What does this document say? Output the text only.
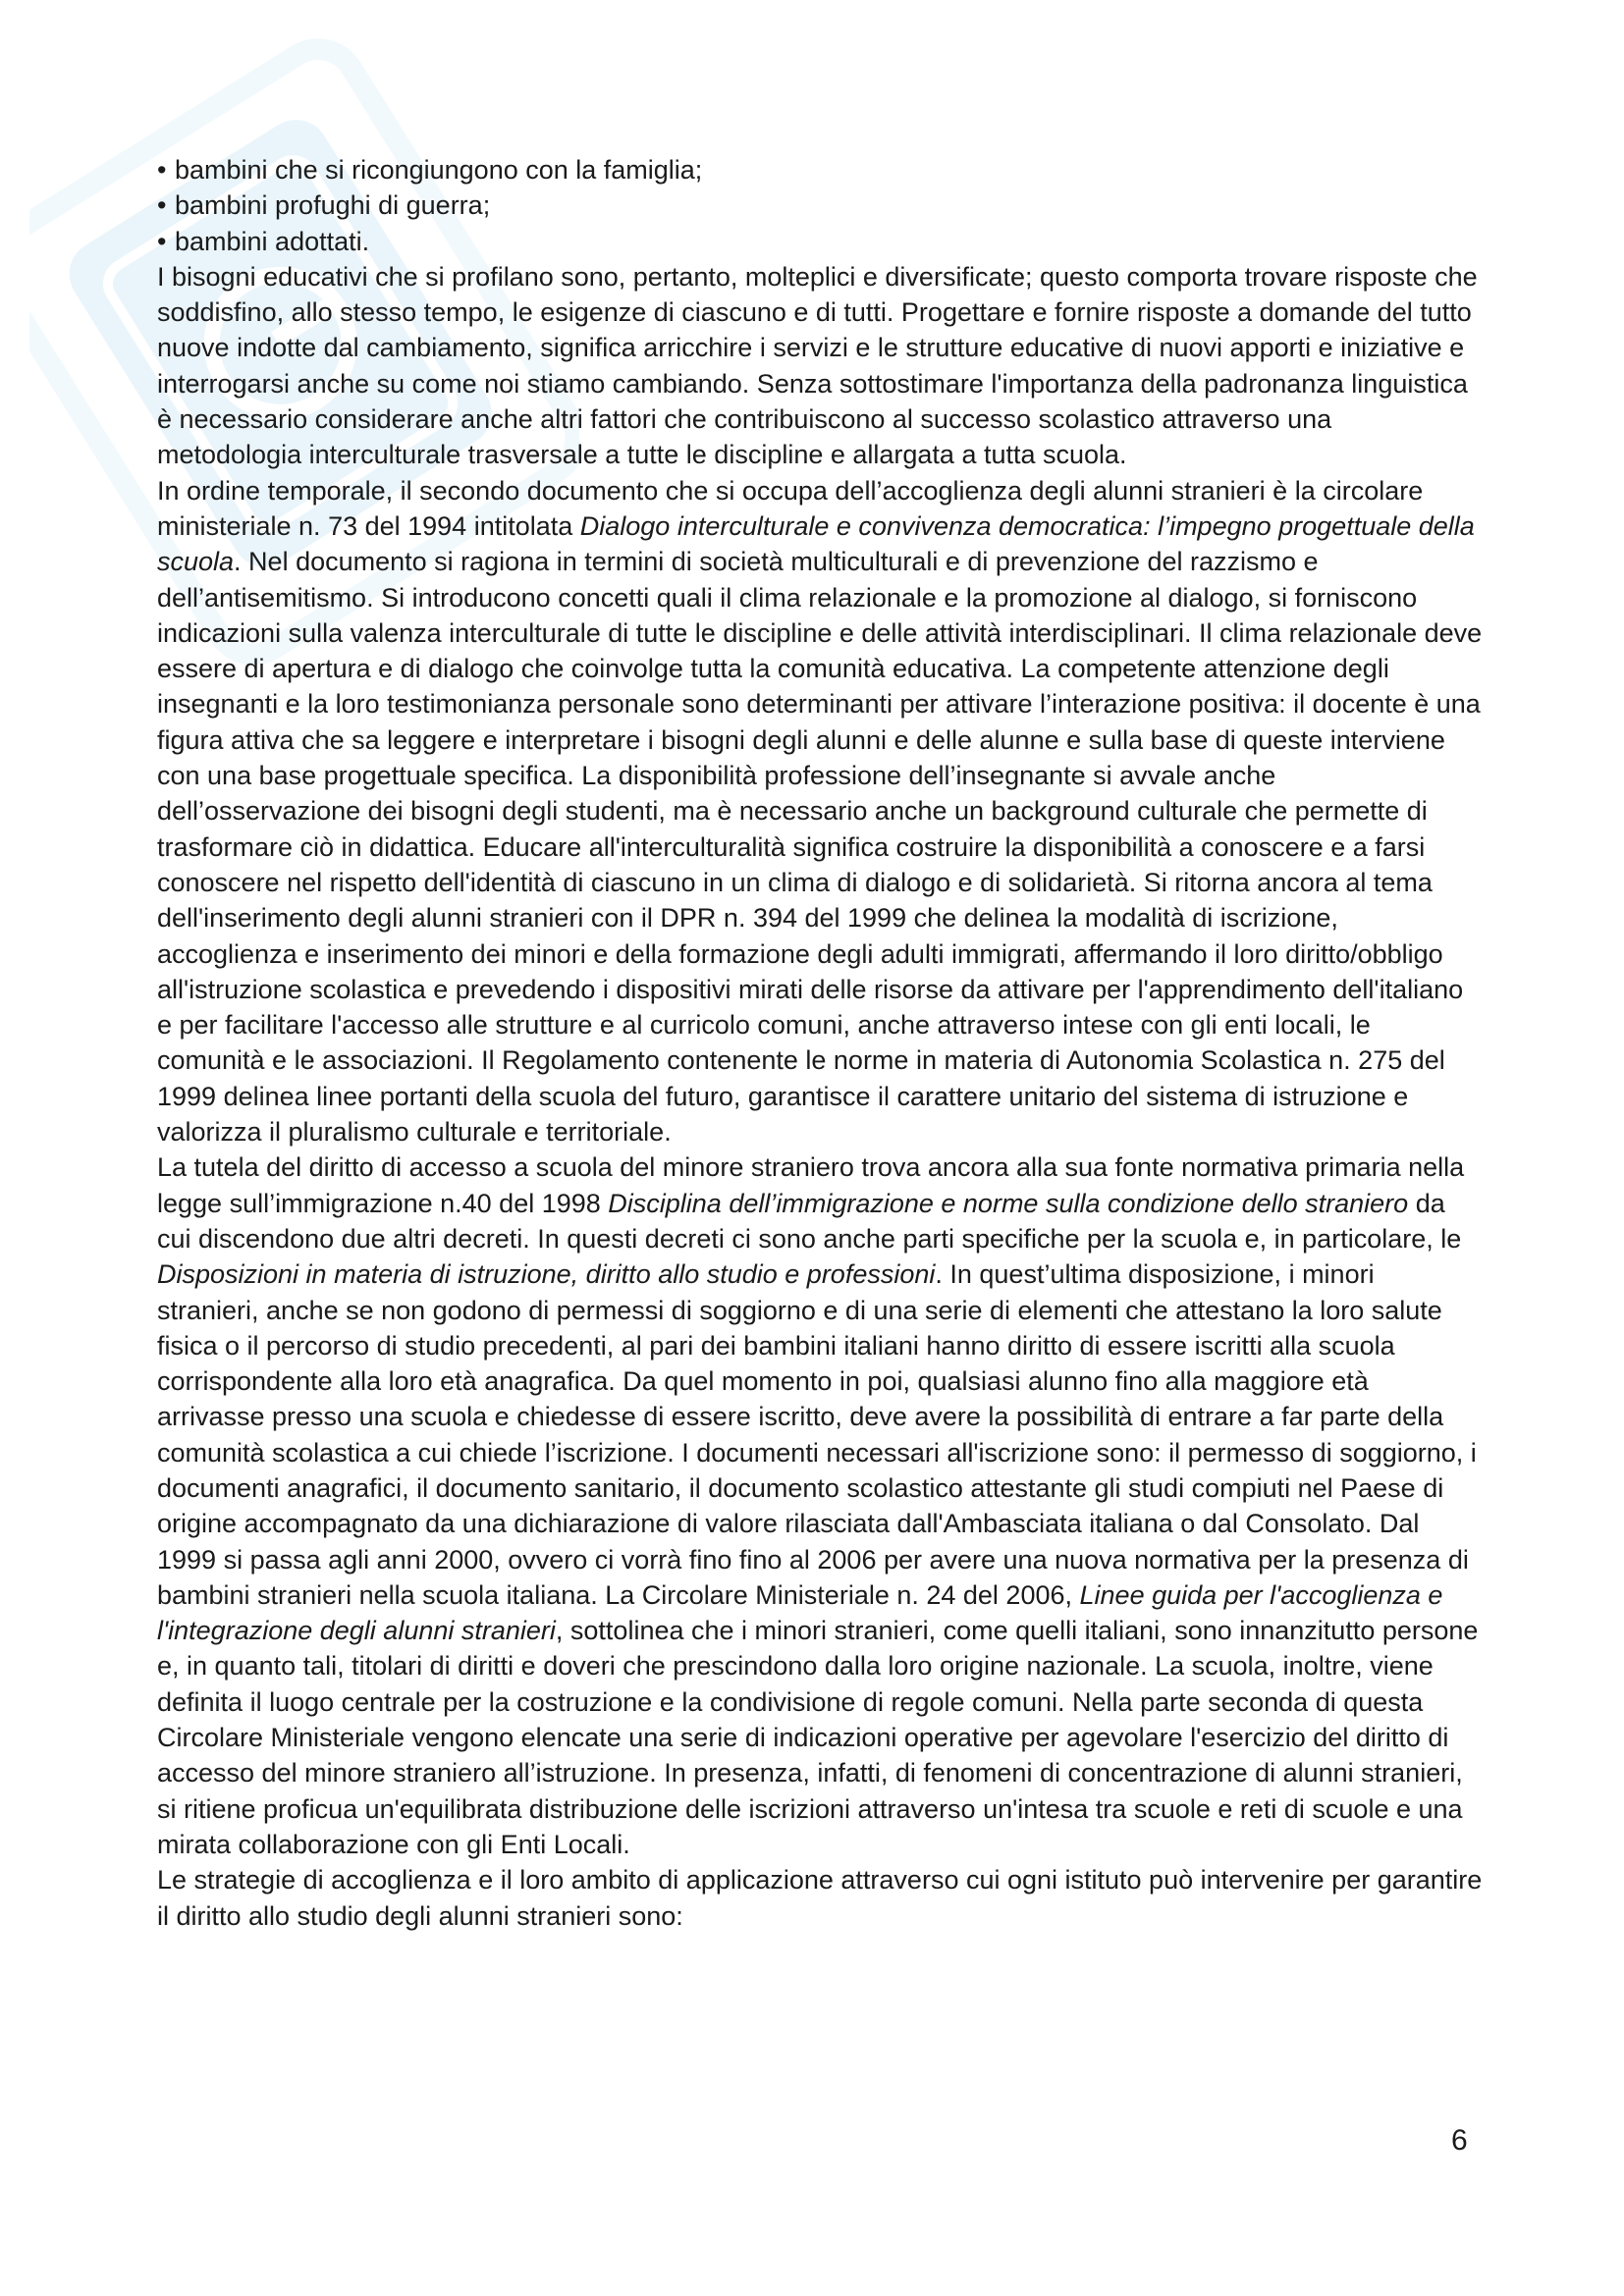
• bambini che si ricongiungono con la famiglia;

• bambini profughi di guerra;

• bambini adottati.

I bisogni educativi che si profilano sono, pertanto, molteplici e diversificate; questo comporta trovare risposte che soddisfino, allo stesso tempo, le esigenze di ciascuno e di tutti. Progettare e fornire risposte a domande del tutto nuove indotte dal cambiamento, significa arricchire i servizi e le strutture educative di nuovi apporti e iniziative e interrogarsi anche su come noi stiamo cambiando. Senza sottostimare l'importanza della padronanza linguistica è necessario considerare anche altri fattori che contribuiscono al successo scolastico attraverso una metodologia interculturale trasversale a tutte le discipline e allargata a tutta scuola.

In ordine temporale, il secondo documento che si occupa dell’accoglienza degli alunni stranieri è la circolare ministeriale n. 73 del 1994 intitolata Dialogo interculturale e convivenza democratica: l’impegno progettuale della scuola. Nel documento si ragiona in termini di società multiculturali e di prevenzione del razzismo e dell’antisemitismo. Si introducono concetti quali il clima relazionale e la promozione al dialogo, si forniscono indicazioni sulla valenza interculturale di tutte le discipline e delle attività interdisciplinari. Il clima relazionale deve essere di apertura e di dialogo che coinvolge tutta la comunità educativa. La competente attenzione degli insegnanti e la loro testimonianza personale sono determinanti per attivare l’interazione positiva: il docente è una figura attiva che sa leggere e interpretare i bisogni degli alunni e delle alunne e sulla base di queste interviene con una base progettuale specifica. La disponibilità professione dell’insegnante si avvale anche dell’osservazione dei bisogni degli studenti, ma è necessario anche un background culturale che permette di trasformare ciò in didattica. Educare all'interculturalità significa costruire la disponibilità a conoscere e a farsi conoscere nel rispetto dell'identità di ciascuno in un clima di dialogo e di solidarietà. Si ritorna ancora al tema dell'inserimento degli alunni stranieri con il DPR n. 394 del 1999 che delinea la modalità di iscrizione, accoglienza e inserimento dei minori e della formazione degli adulti immigrati, affermando il loro diritto/obbligo all'istruzione scolastica e prevedendo i dispositivi mirati delle risorse da attivare per l'apprendimento dell'italiano e per facilitare l'accesso alle strutture e al curricolo comuni, anche attraverso intese con gli enti locali, le comunità e le associazioni. Il Regolamento contenente le norme in materia di Autonomia Scolastica n. 275 del 1999 delinea linee portanti della scuola del futuro, garantisce il carattere unitario del sistema di istruzione e valorizza il pluralismo culturale e territoriale.

La tutela del diritto di accesso a scuola del minore straniero trova ancora alla sua fonte normativa primaria nella legge sull’immigrazione n.40 del 1998 Disciplina dell’immigrazione e norme sulla condizione dello straniero da cui discendono due altri decreti. In questi decreti ci sono anche parti specifiche per la scuola e, in particolare, le Disposizioni in materia di istruzione, diritto allo studio e professioni. In quest’ultima disposizione, i minori stranieri, anche se non godono di permessi di soggiorno e di una serie di elementi che attestano la loro salute fisica o il percorso di studio precedenti, al pari dei bambini italiani hanno diritto di essere iscritti alla scuola corrispondente alla loro età anagrafica. Da quel momento in poi, qualsiasi alunno fino alla maggiore età arrivasse presso una scuola e chiedesse di essere iscritto, deve avere la possibilità di entrare a far parte della comunità scolastica a cui chiede l’iscrizione. I documenti necessari all'iscrizione sono: il permesso di soggiorno, i documenti anagrafici, il documento sanitario, il documento scolastico attestante gli studi compiuti nel Paese di origine accompagnato da una dichiarazione di valore rilasciata dall'Ambasciata italiana o dal Consolato. Dal 1999 si passa agli anni 2000, ovvero ci vorrà fino fino al 2006 per avere una nuova normativa per la presenza di bambini stranieri nella scuola italiana. La Circolare Ministeriale n. 24 del 2006, Linee guida per l'accoglienza e l'integrazione degli alunni stranieri, sottolinea che i minori stranieri, come quelli italiani, sono innanzitutto persone e, in quanto tali, titolari di diritti e doveri che prescindono dalla loro origine nazionale. La scuola, inoltre, viene definita il luogo centrale per la costruzione e la condivisione di regole comuni. Nella parte seconda di questa Circolare Ministeriale vengono elencate una serie di indicazioni operative per agevolare l'esercizio del diritto di accesso del minore straniero all’istruzione. In presenza, infatti, di fenomeni di concentrazione di alunni stranieri, si ritiene proficua un'equilibrata distribuzione delle iscrizioni attraverso un'intesa tra scuole e reti di scuole e una mirata collaborazione con gli Enti Locali.

Le strategie di accoglienza e il loro ambito di applicazione attraverso cui ogni istituto può intervenire per garantire il diritto allo studio degli alunni stranieri sono:

6
